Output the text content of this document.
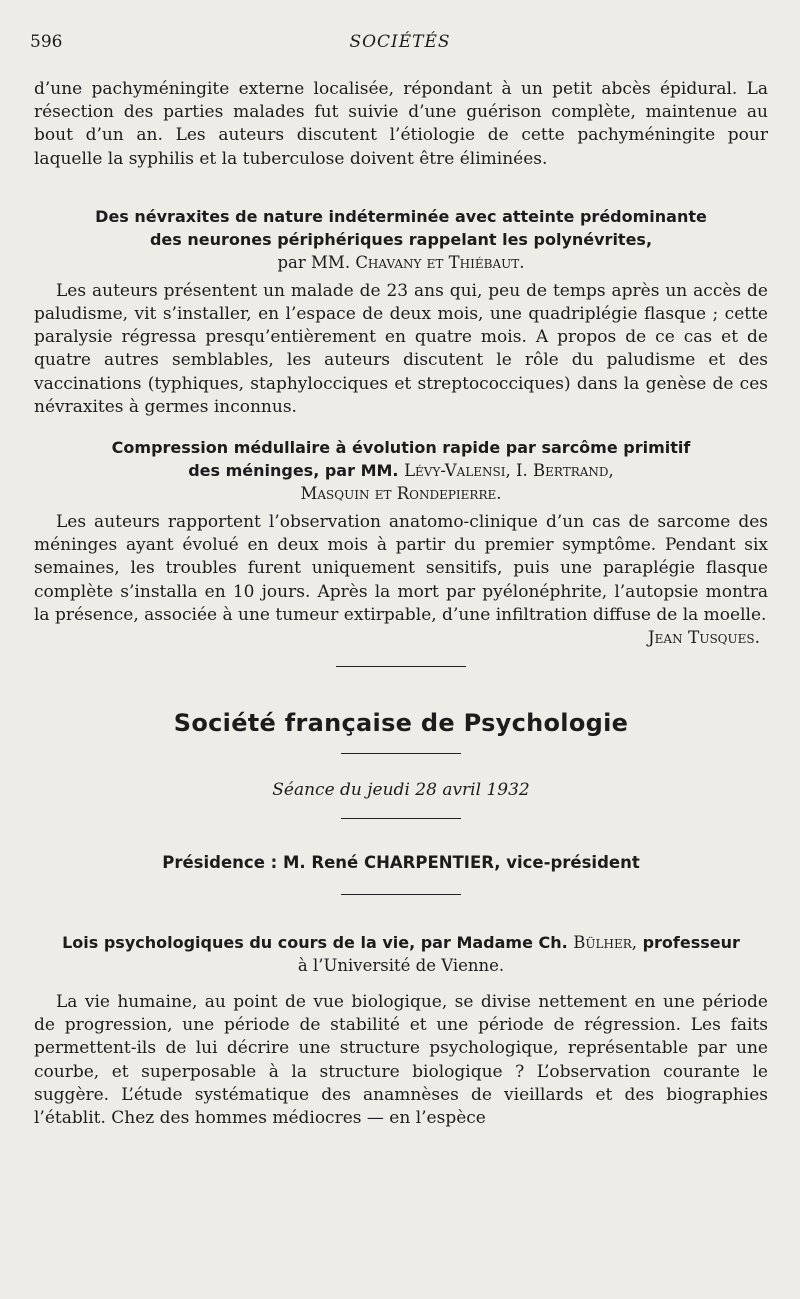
596	SOCIÉTÉS

d’une pachyméningite externe localisée, répondant à un petit abcès épidural. La résection des parties malades fut suivie d’une guérison complète, maintenue au bout d’un an. Les auteurs discutent l’étiologie de cette pachyméningite pour laquelle la syphilis et la tuberculose doivent être éliminées.

Des névraxites de nature indéterminée avec atteinte prédominante

des neurones périphériques rappelant les polynévrites,

par MM. Chavany et Thiébaut.

Les auteurs présentent un malade de 23 ans qui, peu de temps après un accès de paludisme, vit s’installer, en l’espace de deux mois, une quadriplégie flasque ; cette paralysie régressa presqu’entièrement en quatre mois. A propos de ce cas et de quatre autres semblables, les auteurs discutent le rôle du paludisme et des vaccinations (typhiques, staphylocciques et streptococciques) dans la genèse de ces névraxites à germes inconnus.

Compression médullaire à évolution rapide par sarcôme primitif

des méninges, par MM. Lévy-Valensi, I. Bertrand,

Masquin et Rondepierre.

Les auteurs rapportent l’observation anatomo-clinique d’un cas de sarcome des méninges ayant évolué en deux mois à partir du premier symptôme. Pendant six semaines, les troubles furent uniquement sensitifs, puis une paraplégie flasque complète s’installa en 10 jours. Après la mort par pyélonéphrite, l’autopsie montra la présence, associée à une tumeur extirpable, d’une infiltration diffuse de la moelle.

Jean Tusques.

Société française de Psychologie

Séance du jeudi 28 avril 1932

Présidence : M. René CHARPENTIER, vice-président

Lois psychologiques du cours de la vie, par Madame Ch. Bülher, professeur

à l’Université de Vienne.

La vie humaine, au point de vue biologique, se divise nettement en une période de progression, une période de stabilité et une période de régression. Les faits permettent-ils de lui décrire une structure psychologique, représentable par une courbe, et superposable à la structure biologique ? L’observation courante le suggère. L’étude systématique des anamnèses de vieillards et des biographies l’établit. Chez des hommes médiocres — en l’espèce
